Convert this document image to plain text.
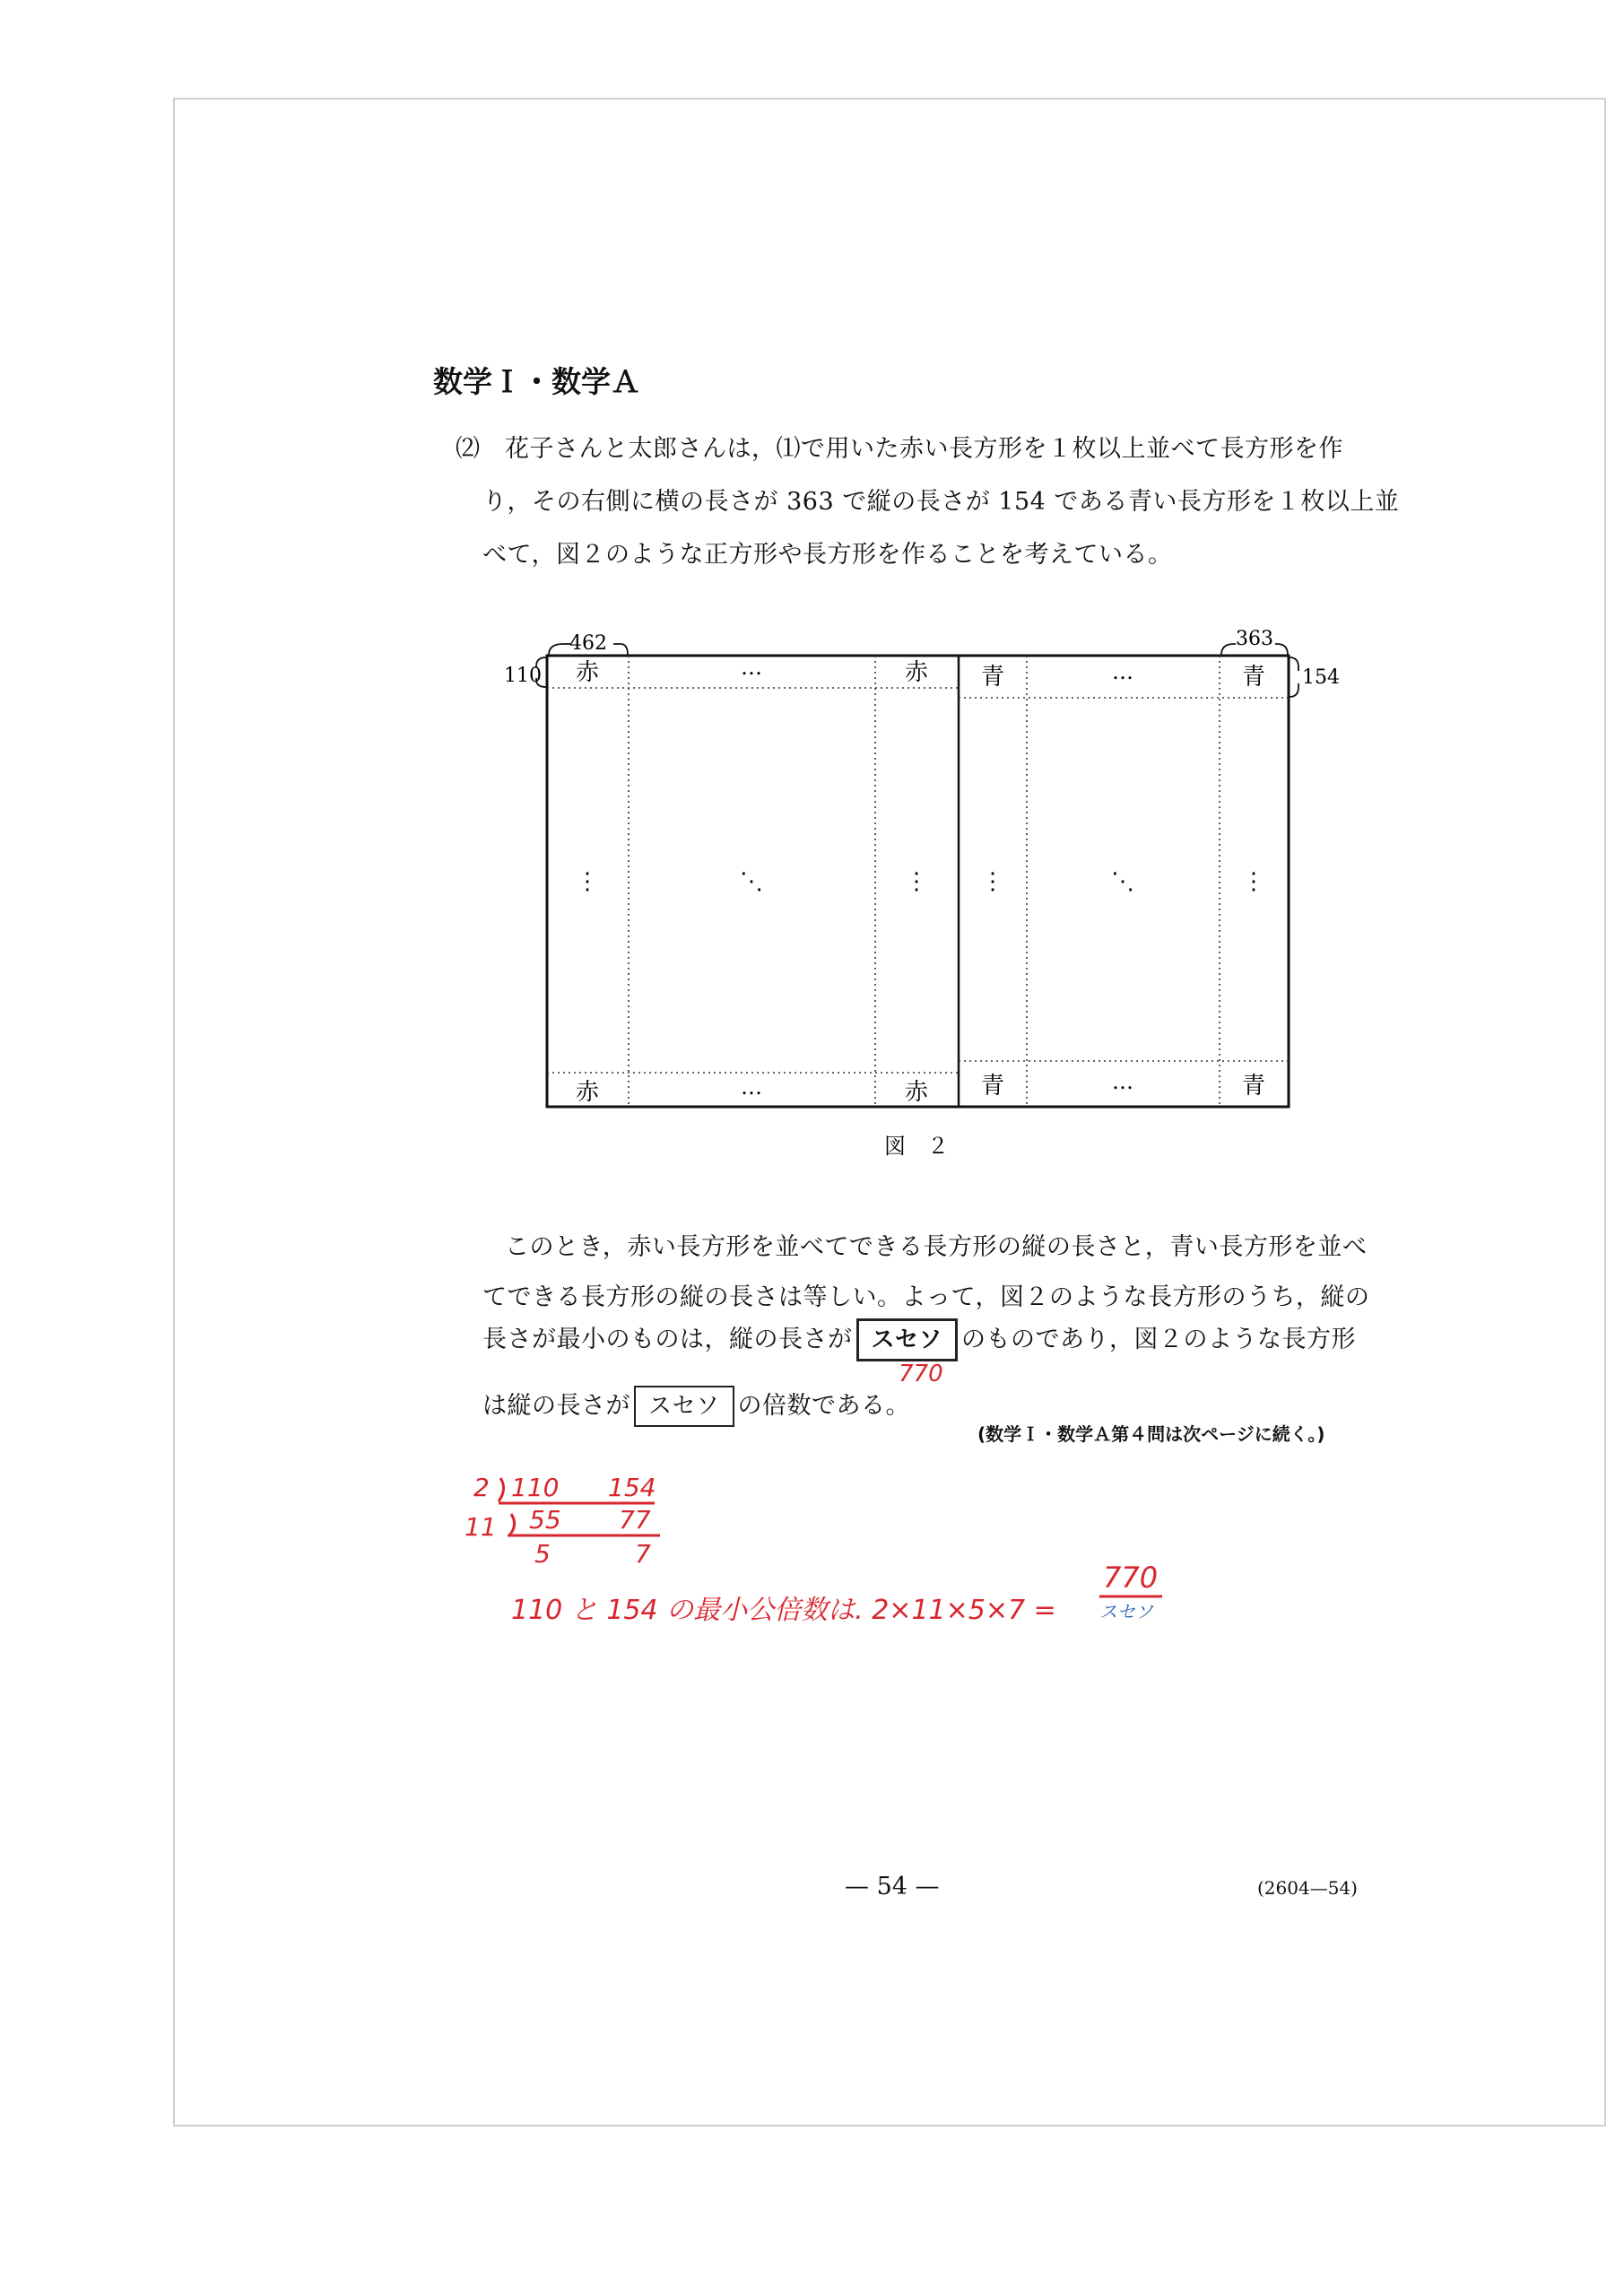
数学Ｉ・数学Ａ
⑵　花子さんと太郎さんは，⑴で用いた赤い長方形を１枚以上並べて長方形を作
り，その右側に横の長さが 363 で縦の長さが 154 である青い長方形を１枚以上並
べて，図２のような正方形や長方形を作ることを考えている。
462
110
363
154
赤	…	赤
⋮	⋱	⋮
赤	…	赤
青	…	青
⋮	⋱	⋮
青	…	青
図　２
このとき，赤い長方形を並べてできる長方形の縦の長さと，青い長方形を並べ
てできる長方形の縦の長さは等しい。よって，図２のような長方形のうち，縦の
長さが最小のものは，縦の長さが スセソ のものであり，図２のような長方形
は縦の長さが スセソ の倍数である。
(数学Ｉ・数学Ａ第４問は次ページに続く。)
770
2 110 154
11 55 77
5	7
110 と 154 の最小公倍数は. 2×11×5×7 =
770
スセソ
— 54 —	(2604—54)
